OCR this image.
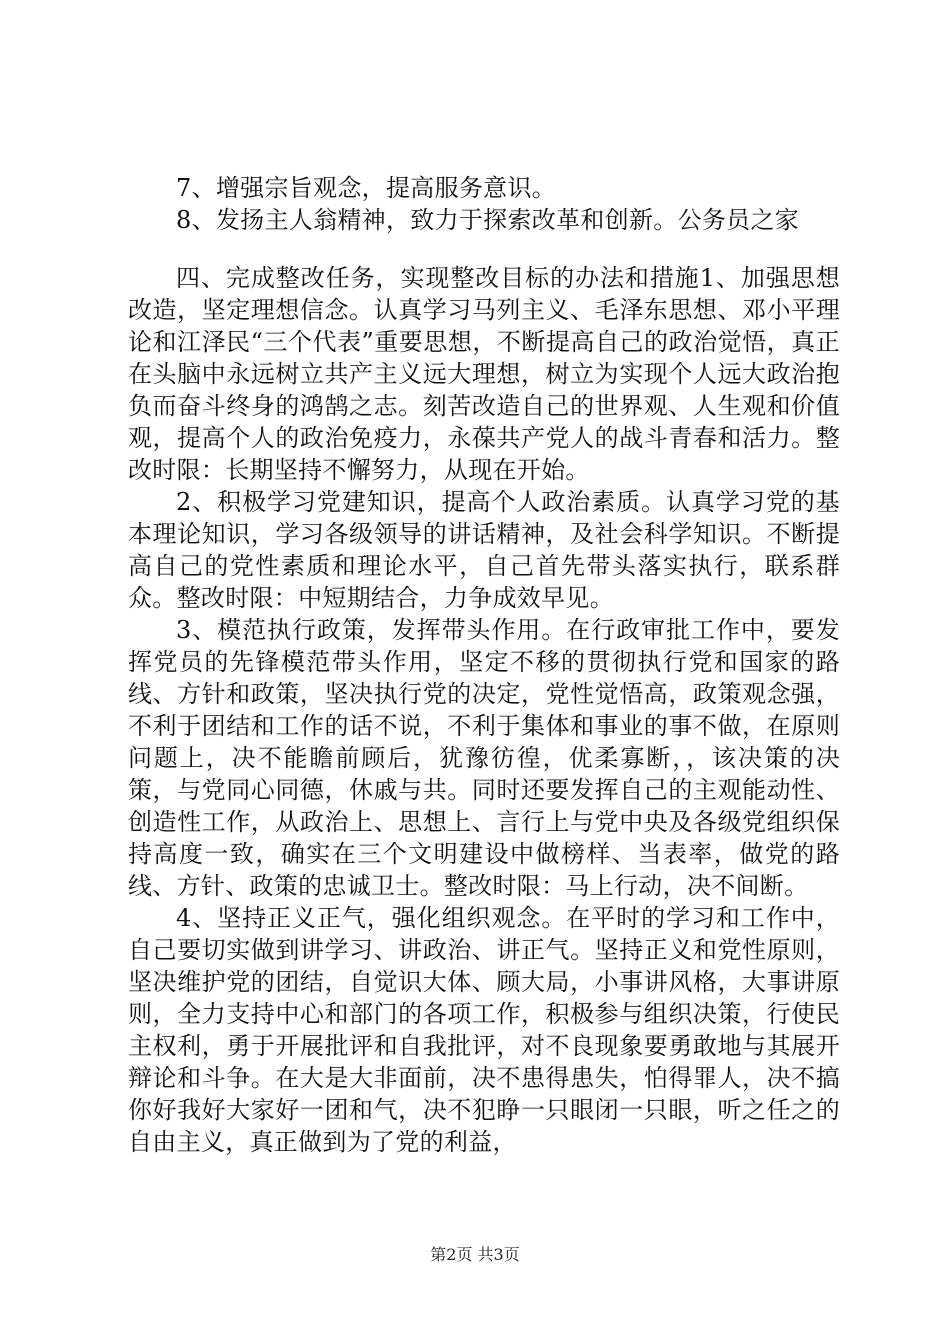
7、增强宗旨观念，提高服务意识。

8、发扬主人翁精神，致力于探索改革和创新。公务员之家

四、完成整改任务，实现整改目标的办法和措施1、加强思想改造，坚定理想信念。认真学习马列主义、毛泽东思想、邓小平理论和江泽民“三个代表”重要思想，不断提高自己的政治觉悟，真正在头脑中永远树立共产主义远大理想，树立为实现个人远大政治抱负而奋斗终身的鸿鹄之志。刻苦改造自己的世界观、人生观和价值观，提高个人的政治免疫力，永葆共产党人的战斗青春和活力。整改时限：长期坚持不懈努力，从现在开始。

2、积极学习党建知识，提高个人政治素质。认真学习党的基本理论知识，学习各级领导的讲话精神，及社会科学知识。不断提高自己的党性素质和理论水平，自己首先带头落实执行，联系群众。整改时限：中短期结合，力争成效早见。

3、模范执行政策，发挥带头作用。在行政审批工作中，要发挥党员的先锋模范带头作用，坚定不移的贯彻执行党和国家的路线、方针和政策，坚决执行党的决定，党性觉悟高，政策观念强，不利于团结和工作的话不说，不利于集体和事业的事不做，在原则问题上，决不能瞻前顾后，犹豫彷徨，优柔寡断，，该决策的决策，与党同心同德，休戚与共。同时还要发挥自己的主观能动性、创造性工作，从政治上、思想上、言行上与党中央及各级党组织保持高度一致，确实在三个文明建设中做榜样、当表率，做党的路线、方针、政策的忠诚卫士。整改时限：马上行动，决不间断。

4、坚持正义正气，强化组织观念。在平时的学习和工作中，自己要切实做到讲学习、讲政治、讲正气。坚持正义和党性原则，坚决维护党的团结，自觉识大体、顾大局，小事讲风格，大事讲原则，全力支持中心和部门的各项工作，积极参与组织决策，行使民主权利，勇于开展批评和自我批评，对不良现象要勇敢地与其展开辩论和斗争。在大是大非面前，决不患得患失，怕得罪人，决不搞你好我好大家好一团和气，决不犯睁一只眼闭一只眼，听之任之的自由主义，真正做到为了党的利益，

第2页 共3页
